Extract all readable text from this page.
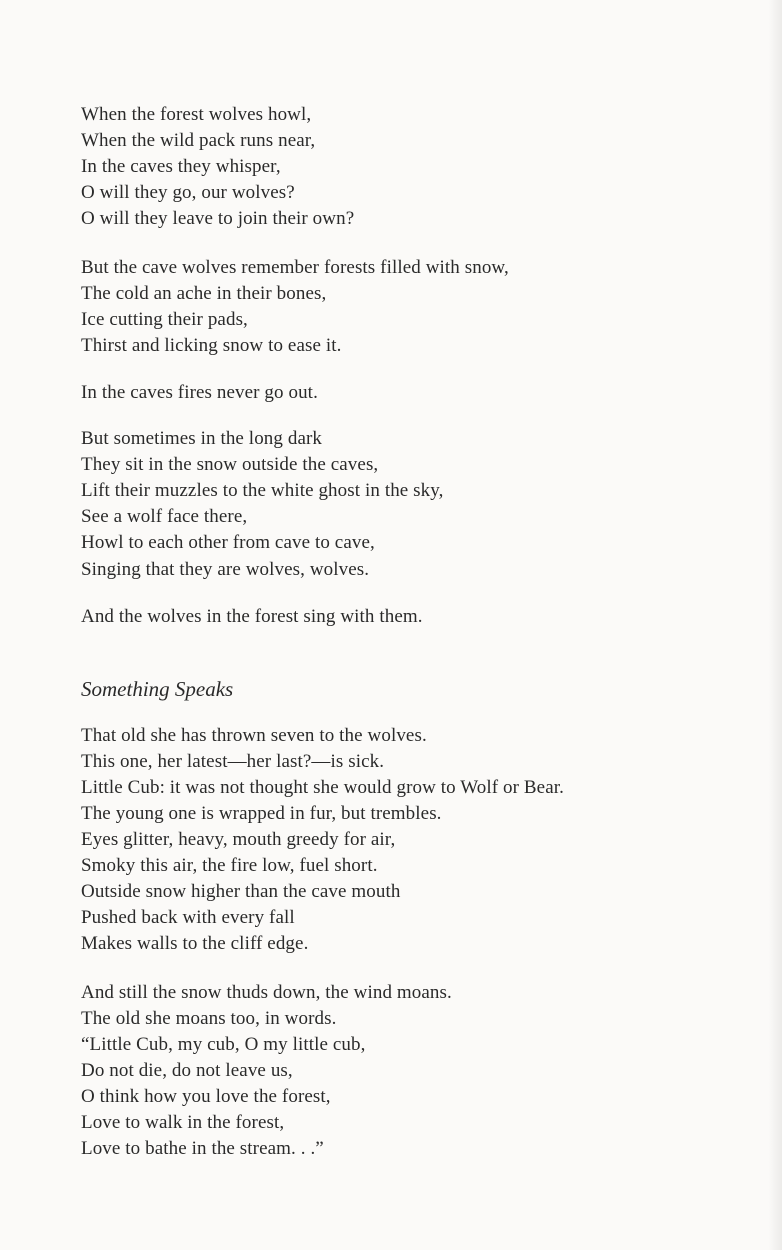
When the forest wolves howl,
When the wild pack runs near,
In the caves they whisper,
O will they go, our wolves?
O will they leave to join their own?
But the cave wolves remember forests filled with snow,
The cold an ache in their bones,
Ice cutting their pads,
Thirst and licking snow to ease it.
In the caves fires never go out.
But sometimes in the long dark
They sit in the snow outside the caves,
Lift their muzzles to the white ghost in the sky,
See a wolf face there,
Howl to each other from cave to cave,
Singing that they are wolves, wolves.
And the wolves in the forest sing with them.
Something Speaks
That old she has thrown seven to the wolves.
This one, her latest—her last?—is sick.
Little Cub: it was not thought she would grow to Wolf or Bear.
The young one is wrapped in fur, but trembles.
Eyes glitter, heavy, mouth greedy for air,
Smoky this air, the fire low, fuel short.
Outside snow higher than the cave mouth
Pushed back with every fall
Makes walls to the cliff edge.
And still the snow thuds down, the wind moans.
The old she moans too, in words.
“Little Cub, my cub, O my little cub,
Do not die, do not leave us,
O think how you love the forest,
Love to walk in the forest,
Love to bathe in the stream. . .”
